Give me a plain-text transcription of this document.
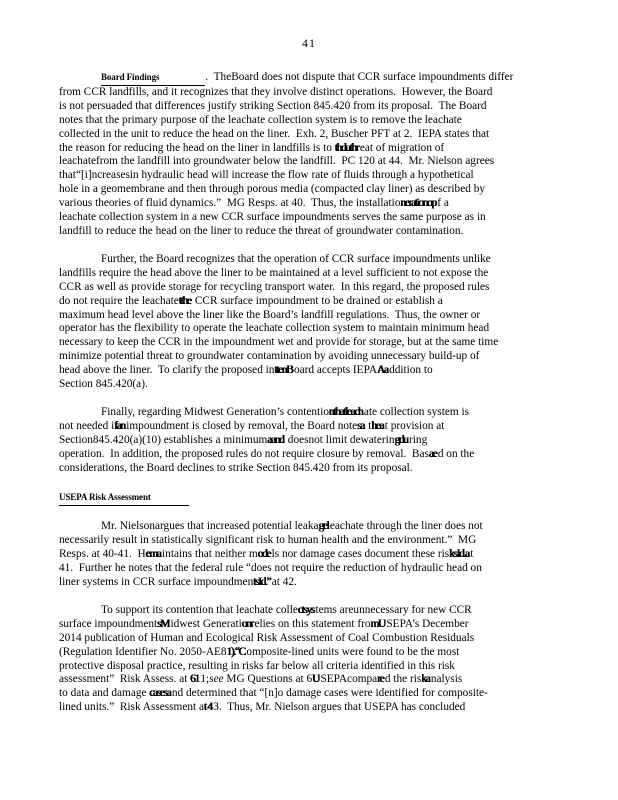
41
Board Findings	.  TheBoard does not dispute that CCR surface impoundments differ
from CCR landfills, and it recognizes that they involve distinct operations.  However, the Board
is not persuaded that differences justify striking Section 845.420 from its proposal.  The Board
notes that the primary purpose of the leachate collection system is to remove the leachate
collected in the unit to reduce the head on the liner.  Exh. 2, Buscher PFT at 2.  IEPA states that
the reason for reducing the head on the liner in landfills is to thduthr eat of migration of
leachatefrom the landfill into groundwater below the landfill.  PC 120 at 44.  Mr. Nielson agrees
that“[i]ncreasesin hydraulic head will increase the flow rate of fluids through a hypothetical
hole in a geomembrane and then through porous media (compacted clay liner) as described by
various theories of fluid dynamics.”  MG Resps. at 40.  Thus, the installationerationop f a
leachate collection system in a new CCR surface impoundments serves the same purpose as in
landfill to reduce the head on the liner to reduce the threat of groundwater contamination.
Further, the Board recognizes that the operation of CCR surface impoundments unlike
landfills require the head above the liner to be maintained at a level sufficient to not expose the
CCR as well as provide storage for recycling transport water.  In this regard, the proposed rules
do not require the leachatetthe CCR surface impoundment to be drained or establish a
maximum head level above the liner like the Board’s landfill regulations.  Thus, the owner or
operator has the flexibility to operate the leachate collection system to maintain minimum head
necessary to keep the CCR in the impoundment wet and provide for storage, but at the same time
minimize potential threat to groundwater contamination by avoiding unnecessary build-up of
head above the liner.  To clarify the proposed inttenB oard accepts IEPAAa ddition to
Section 845.420(a).
Finally, regarding Midwest Generation’s contentionthatleach ate collection system is
not needed ifan impoundment is closed by removal, the Board notesa thea t provision at
Section845.420(a)(10) establishes a minimumaand doesnot limit dewateringdu ring
operation.  In addition, the proposed rules do not require closure by removal.  Basae d on the
considerations, the Board declines to strike Section 845.420 from its proposal.
USEPA Risk Assessment
Mr. Nielsonargues that increased potential leakagel eachate through the liner does not
necessarily result in statistically significant risk to human health and the environment.”  MG
Resps. at 40-41.  Hema intains that neither mode ls nor damage cases document these risksId.a t
41.  Further he notes that the federal rule “does not require the reduction of hydraulic head on
liner systems in CCR surface impoundmentsId.” at 42.
To support its contention that leachate collectsys tems areunnecessary for new CCR
surface impoundmentsM idwest Generationr elies on this statement fromU SEPA’s December
2014 publication of Human and Ecological Risk Assessment of Coal Combustion Residuals
(Regulation Identifier No. 2050-AE81).“C omposite-lined units were found to be the most
protective disposal practice, resulting in risks far below all criteria identified in this risk
assessment”  Risk Assess. at 61 1;see MG Questions at 6U SEPAcompare d the riska nalysis
to data and damage casesa nd determined that “[n]o damage cases were identified for composite-
lined units.”  Risk Assessment at 4 3.  Thus, Mr. Nielson argues that USEPA has concluded
